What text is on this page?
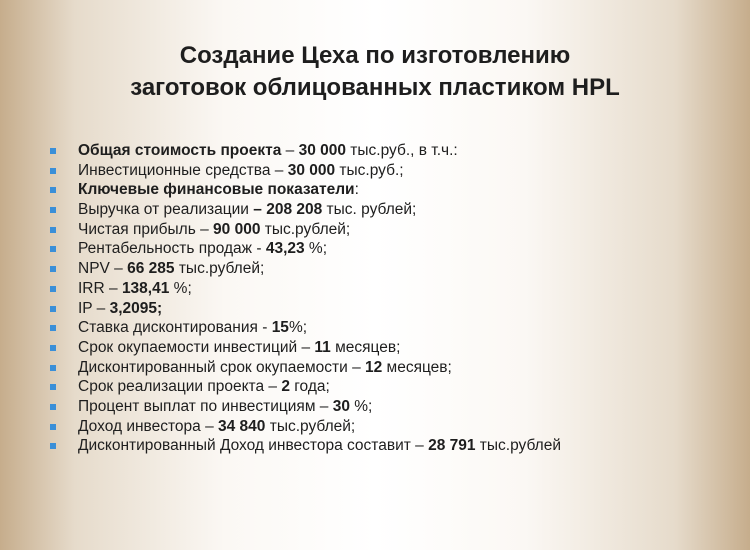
Создание Цеха по изготовлению
заготовок облицованных пластиком HPL
Общая стоимость проекта – 30 000 тыс.руб., в т.ч.:
Инвестиционные средства – 30 000 тыс.руб.;
Ключевые финансовые показатели:
Выручка от реализации – 208 208 тыс. рублей;
Чистая прибыль – 90 000 тыс.рублей;
Рентабельность продаж - 43,23 %;
NPV – 66 285 тыс.рублей;
IRR – 138,41 %;
IP – 3,2095;
Ставка дисконтирования - 15%;
Срок окупаемости инвестиций – 11 месяцев;
Дисконтированный срок окупаемости – 12 месяцев;
Срок реализации проекта – 2 года;
Процент выплат по инвестициям – 30 %;
Доход инвестора – 34 840 тыс.рублей;
Дисконтированный Доход инвестора составит – 28 791 тыс.рублей
